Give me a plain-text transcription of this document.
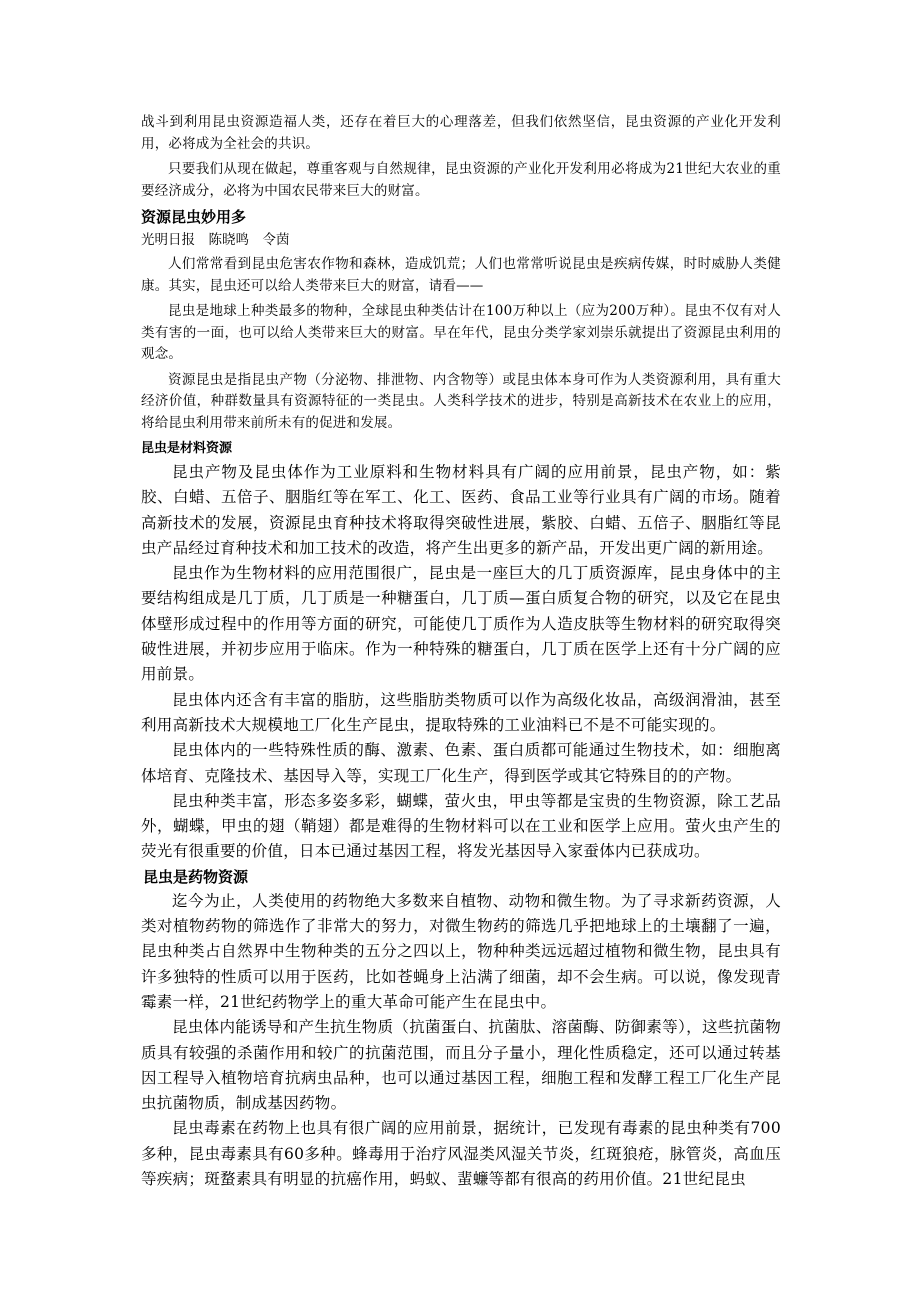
战斗到利用昆虫资源造福人类，还存在着巨大的心理落差，但我们依然坚信，昆虫资源的产业化开发利用，必将成为全社会的共识。

只要我们从现在做起，尊重客观与自然规律，昆虫资源的产业化开发利用必将成为21世纪大农业的重要经济成分，必将为中国农民带来巨大的财富。

资源昆虫妙用多

光明日报　陈晓鸣　令茵

人们常常看到昆虫危害农作物和森林，造成饥荒；人们也常常听说昆虫是疾病传媒，时时威胁人类健康。其实，昆虫还可以给人类带来巨大的财富，请看——

昆虫是地球上种类最多的物种，全球昆虫种类估计在100万种以上（应为200万种）。昆虫不仅有对人类有害的一面，也可以给人类带来巨大的财富。早在年代，昆虫分类学家刘崇乐就提出了资源昆虫利用的观念。

资源昆虫是指昆虫产物（分泌物、排泄物、内含物等）或昆虫体本身可作为人类资源利用，具有重大经济价值，种群数量具有资源特征的一类昆虫。人类科学技术的进步，特别是高新技术在农业上的应用，将给昆虫利用带来前所未有的促进和发展。

昆虫是材料资源

昆虫产物及昆虫体作为工业原料和生物材料具有广阔的应用前景，昆虫产物，如：紫胶、白蜡、五倍子、胭脂红等在军工、化工、医药、食品工业等行业具有广阔的市场。随着高新技术的发展，资源昆虫育种技术将取得突破性进展，紫胶、白蜡、五倍子、胭脂红等昆虫产品经过育种技术和加工技术的改造，将产生出更多的新产品，开发出更广阔的新用途。

昆虫作为生物材料的应用范围很广，昆虫是一座巨大的几丁质资源库，昆虫身体中的主要结构组成是几丁质，几丁质是一种糖蛋白，几丁质—蛋白质复合物的研究，以及它在昆虫体壁形成过程中的作用等方面的研究，可能使几丁质作为人造皮肤等生物材料的研究取得突破性进展，并初步应用于临床。作为一种特殊的糖蛋白，几丁质在医学上还有十分广阔的应用前景。

昆虫体内还含有丰富的脂肪，这些脂肪类物质可以作为高级化妆品，高级润滑油，甚至利用高新技术大规模地工厂化生产昆虫，提取特殊的工业油料已不是不可能实现的。

昆虫体内的一些特殊性质的酶、激素、色素、蛋白质都可能通过生物技术，如：细胞离体培育、克隆技术、基因导入等，实现工厂化生产，得到医学或其它特殊目的的产物。

昆虫种类丰富，形态多姿多彩，蝴蝶，萤火虫，甲虫等都是宝贵的生物资源，除工艺品外，蝴蝶，甲虫的翅（鞘翅）都是难得的生物材料可以在工业和医学上应用。萤火虫产生的荧光有很重要的价值，日本已通过基因工程，将发光基因导入家蚕体内已获成功。

昆虫是药物资源

迄今为止，人类使用的药物绝大多数来自植物、动物和微生物。为了寻求新药资源，人类对植物药物的筛选作了非常大的努力，对微生物药的筛选几乎把地球上的土壤翻了一遍，昆虫种类占自然界中生物种类的五分之四以上，物种种类远远超过植物和微生物，昆虫具有许多独特的性质可以用于医药，比如苍蝇身上沾满了细菌，却不会生病。可以说，像发现青霉素一样，21世纪药物学上的重大革命可能产生在昆虫中。

昆虫体内能诱导和产生抗生物质（抗菌蛋白、抗菌肽、溶菌酶、防御素等），这些抗菌物质具有较强的杀菌作用和较广的抗菌范围，而且分子量小，理化性质稳定，还可以通过转基因工程导入植物培育抗病虫品种，也可以通过基因工程，细胞工程和发酵工程工厂化生产昆虫抗菌物质，制成基因药物。

昆虫毒素在药物上也具有很广阔的应用前景，据统计，已发现有毒素的昆虫种类有700多种，昆虫毒素具有60多种。蜂毒用于治疗风湿类风湿关节炎，红斑狼疮，脉管炎，高血压等疾病；斑蝥素具有明显的抗癌作用，蚂蚁、蜚蠊等都有很高的药用价值。21世纪昆虫
